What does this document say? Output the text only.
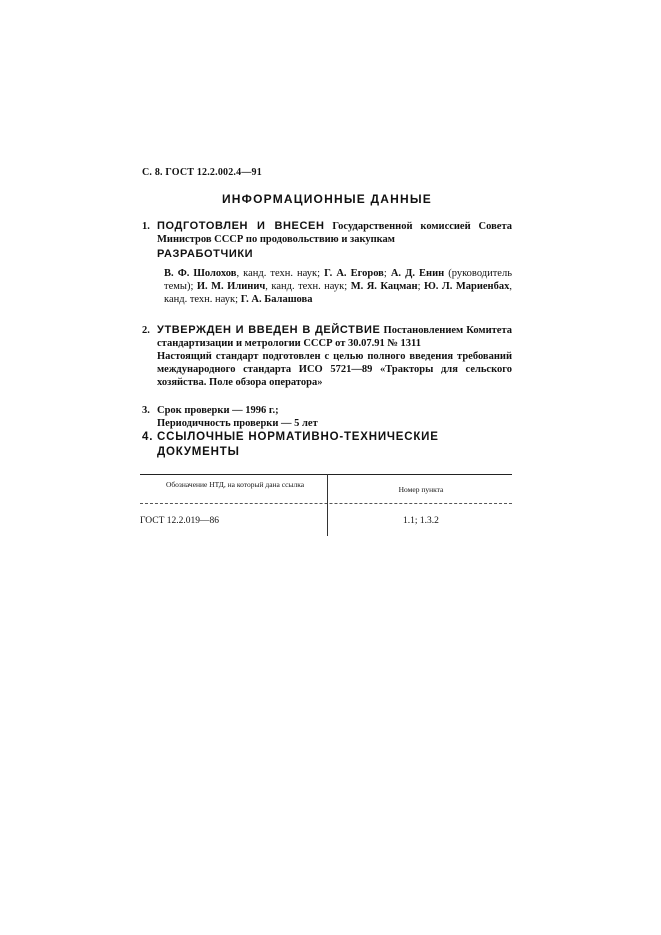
С. 8. ГОСТ 12.2.002.4—91
ИНФОРМАЦИОННЫЕ ДАННЫЕ
1. ПОДГОТОВЛЕН И ВНЕСЕН Государственной комиссией Совета Министров СССР по продовольствию и закупкам
РАЗРАБОТЧИКИ
В. Ф. Шолохов, канд. техн. наук; Г. А. Егоров; А. Д. Енин (руководитель темы); И. М. Илинич, канд. техн. наук; М. Я. Кацман; Ю. Л. Мариенбах, канд. техн. наук; Г. А. Балашова
2. УТВЕРЖДЕН И ВВЕДЕН В ДЕЙСТВИЕ Постановлением Комитета стандартизации и метрологии СССР от 30.07.91 № 1311
Настоящий стандарт подготовлен с целью полного введения требований международного стандарта ИСО 5721—89 «Тракторы для сельского хозяйства. Поле обзора оператора»
3. Срок проверки — 1996 г.;
Периодичность проверки — 5 лет
4. ССЫЛОЧНЫЕ НОРМАТИВНО-ТЕХНИЧЕСКИЕ ДОКУМЕНТЫ
Обозначение НТД, на который дана ссылка
Номер пункта
ГОСТ 12.2.019—86	1.1; 1.3.2
